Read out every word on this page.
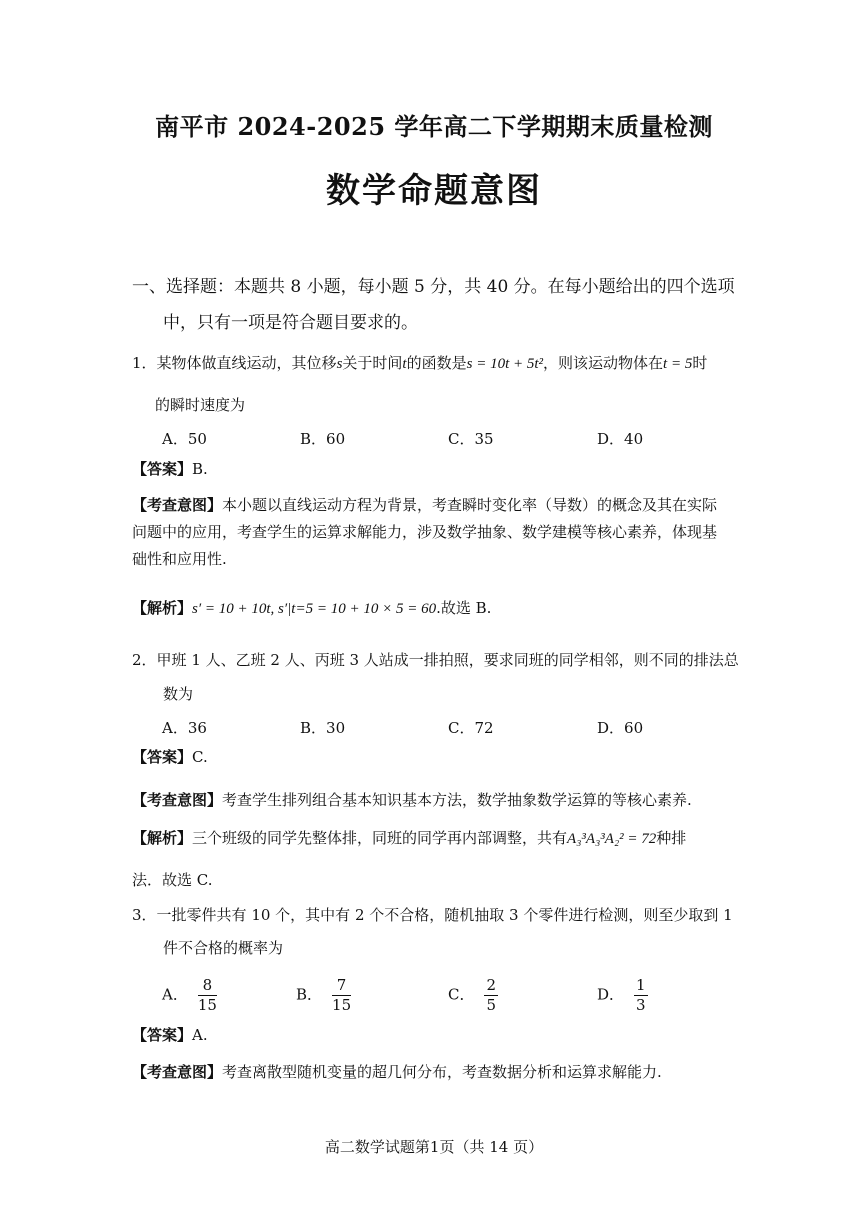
南平市 2024-2025 学年高二下学期期末质量检测
数学命题意图
一、选择题：本题共 8 小题，每小题 5 分，共 40 分。在每小题给出的四个选项
中，只有一项是符合题目要求的。
1．某物体做直线运动，其位移s关于时间t的函数是s = 10t + 5t²，则该运动物体在t = 5时
的瞬时速度为
A．50	B．60	C．35	D．40
【答案】B.
【考查意图】本小题以直线运动方程为背景，考查瞬时变化率（导数）的概念及其在实际
问题中的应用，考查学生的运算求解能力，涉及数学抽象、数学建模等核心素养，体现基
础性和应用性.
【解析】s′ = 10 + 10t, s′|t=5 = 10 + 10 × 5 = 60.故选 B.
2．甲班 1 人、乙班 2 人、丙班 3 人站成一排拍照，要求同班的同学相邻，则不同的排法总
数为
A．36	B．30	C．72	D．60
【答案】C.
【考查意图】考查学生排列组合基本知识基本方法，数学抽象数学运算的等核心素养.
【解析】三个班级的同学先整体排，同班的同学再内部调整，共有A₃³A₃³A₂² = 72种排
法．故选 C.
3．一批零件共有 10 个，其中有 2 个不合格，随机抽取 3 个零件进行检测，则至少取到 1
件不合格的概率为
A． $\frac{8}{15}$	B． $\frac{7}{15}$	C． $\frac{2}{5}$	D． $\frac{1}{3}$
【答案】A.
【考查意图】考查离散型随机变量的超几何分布，考查数据分析和运算求解能力.
高二数学试题第1页（共 14 页）
